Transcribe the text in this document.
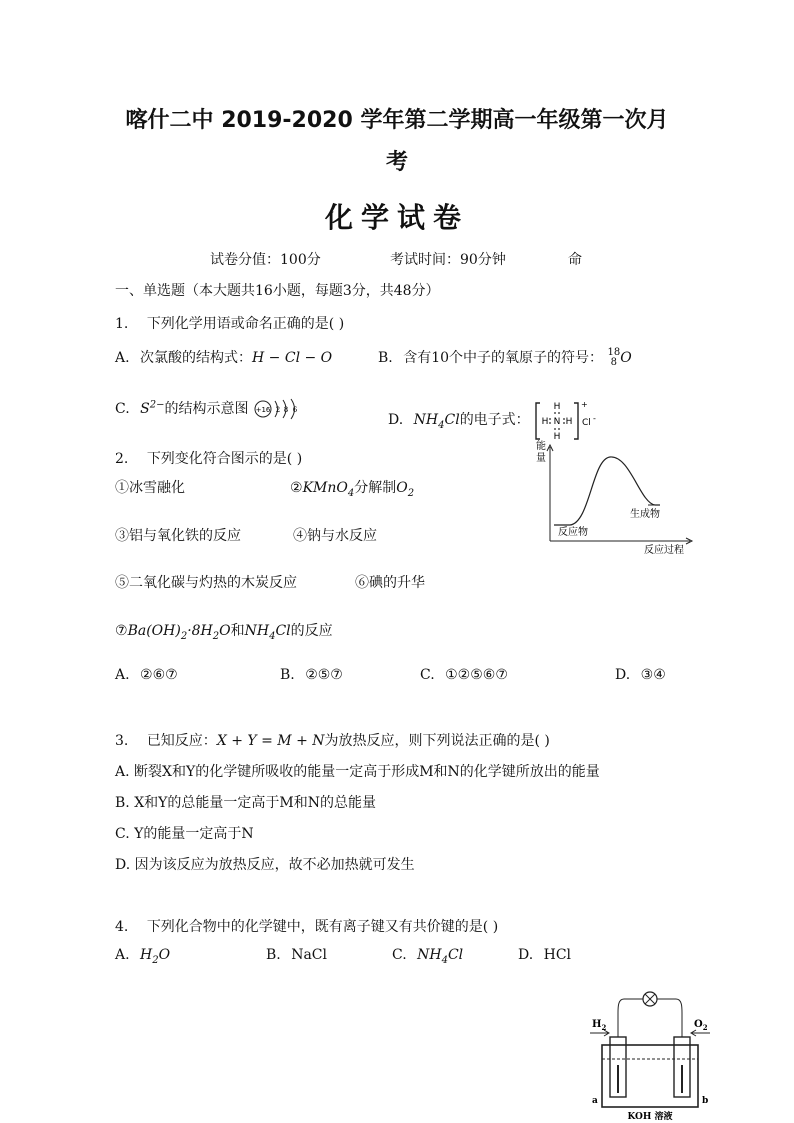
喀什二中 2019-2020 学年第二学期高一年级第一次月
考
化学试卷
试卷分值：100分	考试时间：90分钟	命
一、单选题（本大题共16小题，每题3分，共48分）
1. 下列化学用语或命名正确的是( )
A. 次氯酸的结构式：H − Cl − O	B. 含有10个中子的氧原子的符号： 18
8 O
C. $S^{2-}$的结构示意图 +16 2 8 6
D. $NH_4Cl$的电子式：
+
H
H
H H
N Cl -
2. 下列变化符合图示的是( )
①冰雪融化	②KMnO$_4$分解制$O_2$
③铝与氧化铁的反应	④钠与水反应
⑤二氧化碳与灼热的木炭反应	⑥碘的升华
$⑦Ba(OH)_2\cdot 8H_2O$和$NH_4Cl$的反应
A. ②⑥⑦	B. ②⑤⑦	C. ①②⑤⑥⑦	D. ③④
能
量
反应物
生成物
反应过程
3. 已知反应：X + Y = M + N为放热反应，则下列说法正确的是( )
A. 断裂X和Y的化学键所吸收的能量一定高于形成M和N的化学键所放出的能量
B. X和Y的总能量一定高于M和N的总能量
C. Y的能量一定高于N
D. 因为该反应为放热反应，故不必加热就可发生
4. 下列化合物中的化学键中，既有离子键又有共价键的是( )
A. $H_2O$	B. NaCl	C. $NH_4Cl$	D. HCl
$H_2$	$O_2$
a	b
KOH 溶液
